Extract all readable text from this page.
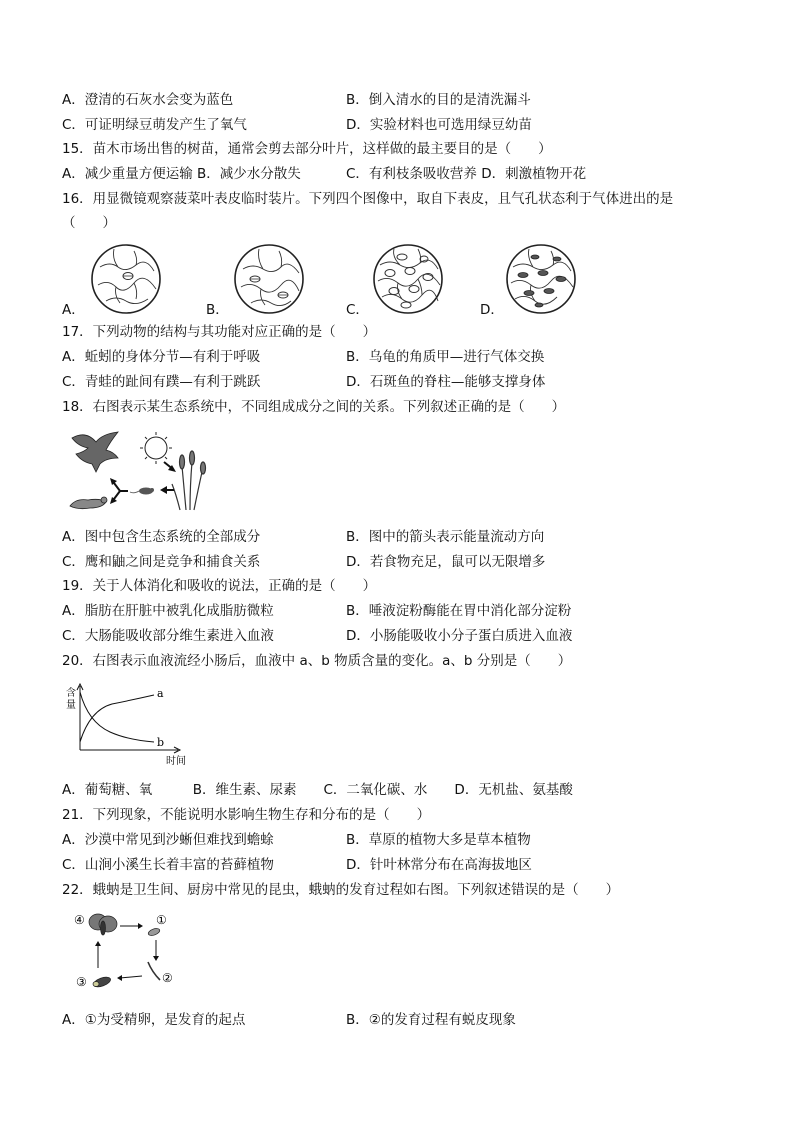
A．澄清的石灰水会变为蓝色	B．倒入清水的目的是清洗漏斗
C．可证明绿豆萌发产生了氧气	D．实验材料也可选用绿豆幼苗
15．苗木市场出售的树苗，通常会剪去部分叶片，这样做的最主要目的是（　　）
A．减少重量方便运输 B．减少水分散失	C．有利枝条吸收营养 D．刺激植物开花
16．用显微镜观察菠菜叶表皮临时装片。下列四个图像中，取自下表皮，且气孔状态利于气体进出的是
（　　）
A．	B．	C．	D．
17．下列动物的结构与其功能对应正确的是（　　）
A．蚯蚓的身体分节—有利于呼吸	B．乌龟的角质甲—进行气体交换
C．青蛙的趾间有蹼—有利于跳跃	D．石斑鱼的脊柱—能够支撑身体
18．右图表示某生态系统中，不同组成成分之间的关系。下列叙述正确的是（　　）
A．图中包含生态系统的全部成分	B．图中的箭头表示能量流动方向
C．鹰和鼬之间是竞争和捕食关系	D．若食物充足，鼠可以无限增多
19．关于人体消化和吸收的说法，正确的是（　　）
A．脂肪在肝脏中被乳化成脂肪微粒	B．唾液淀粉酶能在胃中消化部分淀粉
C．大肠能吸收部分维生素进入血液	D．小肠能吸收小分子蛋白质进入血液
20．右图表示血液流经小肠后，血液中 a、b 物质含量的变化。a、b 分别是（　　）
含
量
a
b
时间
A．葡萄糖、氧　　　B．维生素、尿素　　C．二氧化碳、水　　D．无机盐、氨基酸
21．下列现象，不能说明水影响生物生存和分布的是（　　）
A．沙漠中常见到沙蜥但难找到蟾蜍	B．草原的植物大多是草本植物
C．山涧小溪生长着丰富的苔藓植物	D．针叶林常分布在高海拔地区
22．蛾蚋是卫生间、厨房中常见的昆虫，蛾蚋的发育过程如右图。下列叙述错误的是（　　）
④	①
②
③
A．①为受精卵，是发育的起点	B．②的发育过程有蜕皮现象
